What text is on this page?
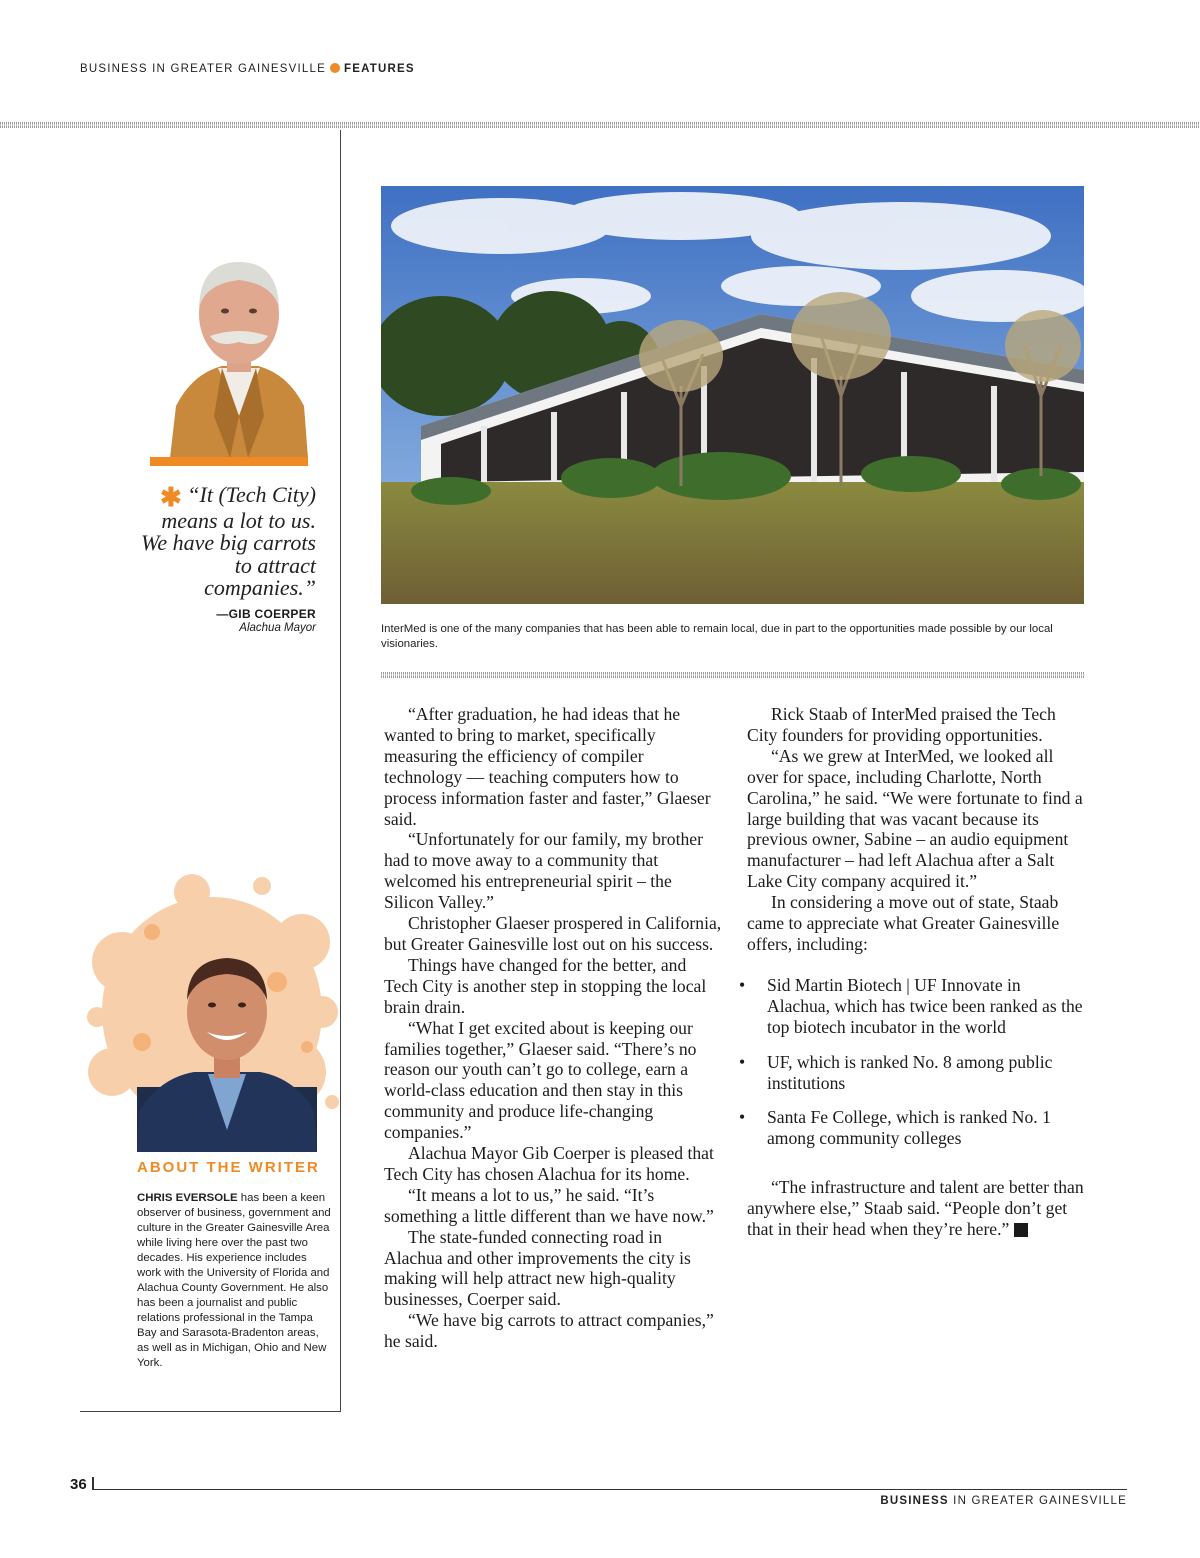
BUSINESS IN GREATER GAINESVILLE FEATURES
✱ “It (Tech City) means a lot to us. We have big carrots to attract companies.”
—GIB COERPER
Alachua Mayor
ABOUT THE WRITER
CHRIS EVERSOLE has been a keen observer of business, government and culture in the Greater Gainesville Area while living here over the past two decades. His experience includes work with the University of Florida and Alachua County Government. He also has been a journalist and public relations professional in the Tampa Bay and Sarasota-Bradenton areas, as well as in Michigan, Ohio and New York.
InterMed is one of the many companies that has been able to remain local, due in part to the opportunities made possible by our local visionaries.

“After graduation, he had ideas that he wanted to bring to market, specifically measuring the efficiency of compiler technology — teaching computers how to process information faster and faster,” Glaeser said.

“Unfortunately for our family, my brother had to move away to a community that welcomed his entrepreneurial spirit – the Silicon Valley.”

Christopher Glaeser prospered in California, but Greater Gainesville lost out on his success.

Things have changed for the better, and Tech City is another step in stopping the local brain drain.

“What I get excited about is keeping our families together,” Glaeser said. “There’s no reason our youth can’t go to college, earn a world-class education and then stay in this community and produce life-changing companies.”

Alachua Mayor Gib Coerper is pleased that Tech City has chosen Alachua for its home.

“It means a lot to us,” he said. “It’s something a little different than we have now.”

The state-funded connecting road in Alachua and other improvements the city is making will help attract new high-quality businesses, Coerper said.

“We have big carrots to attract companies,” he said.

Rick Staab of InterMed praised the Tech City founders for providing opportunities.

“As we grew at InterMed, we looked all over for space, including Charlotte, North Carolina,” he said. “We were fortunate to find a large building that was vacant because its previous owner, Sabine – an audio equipment manufacturer – had left Alachua after a Salt Lake City company acquired it.”

In considering a move out of state, Staab came to appreciate what Greater Gainesville offers, including:

• Sid Martin Biotech | UF Innovate in Alachua, which has twice been ranked as the top biotech incubator in the world
• UF, which is ranked No. 8 among public institutions
• Santa Fe College, which is ranked No. 1 among community colleges

“The infrastructure and talent are better than anywhere else,” Staab said. “People don’t get that in their head when they’re here.” B

36
BUSINESS IN GREATER GAINESVILLE
